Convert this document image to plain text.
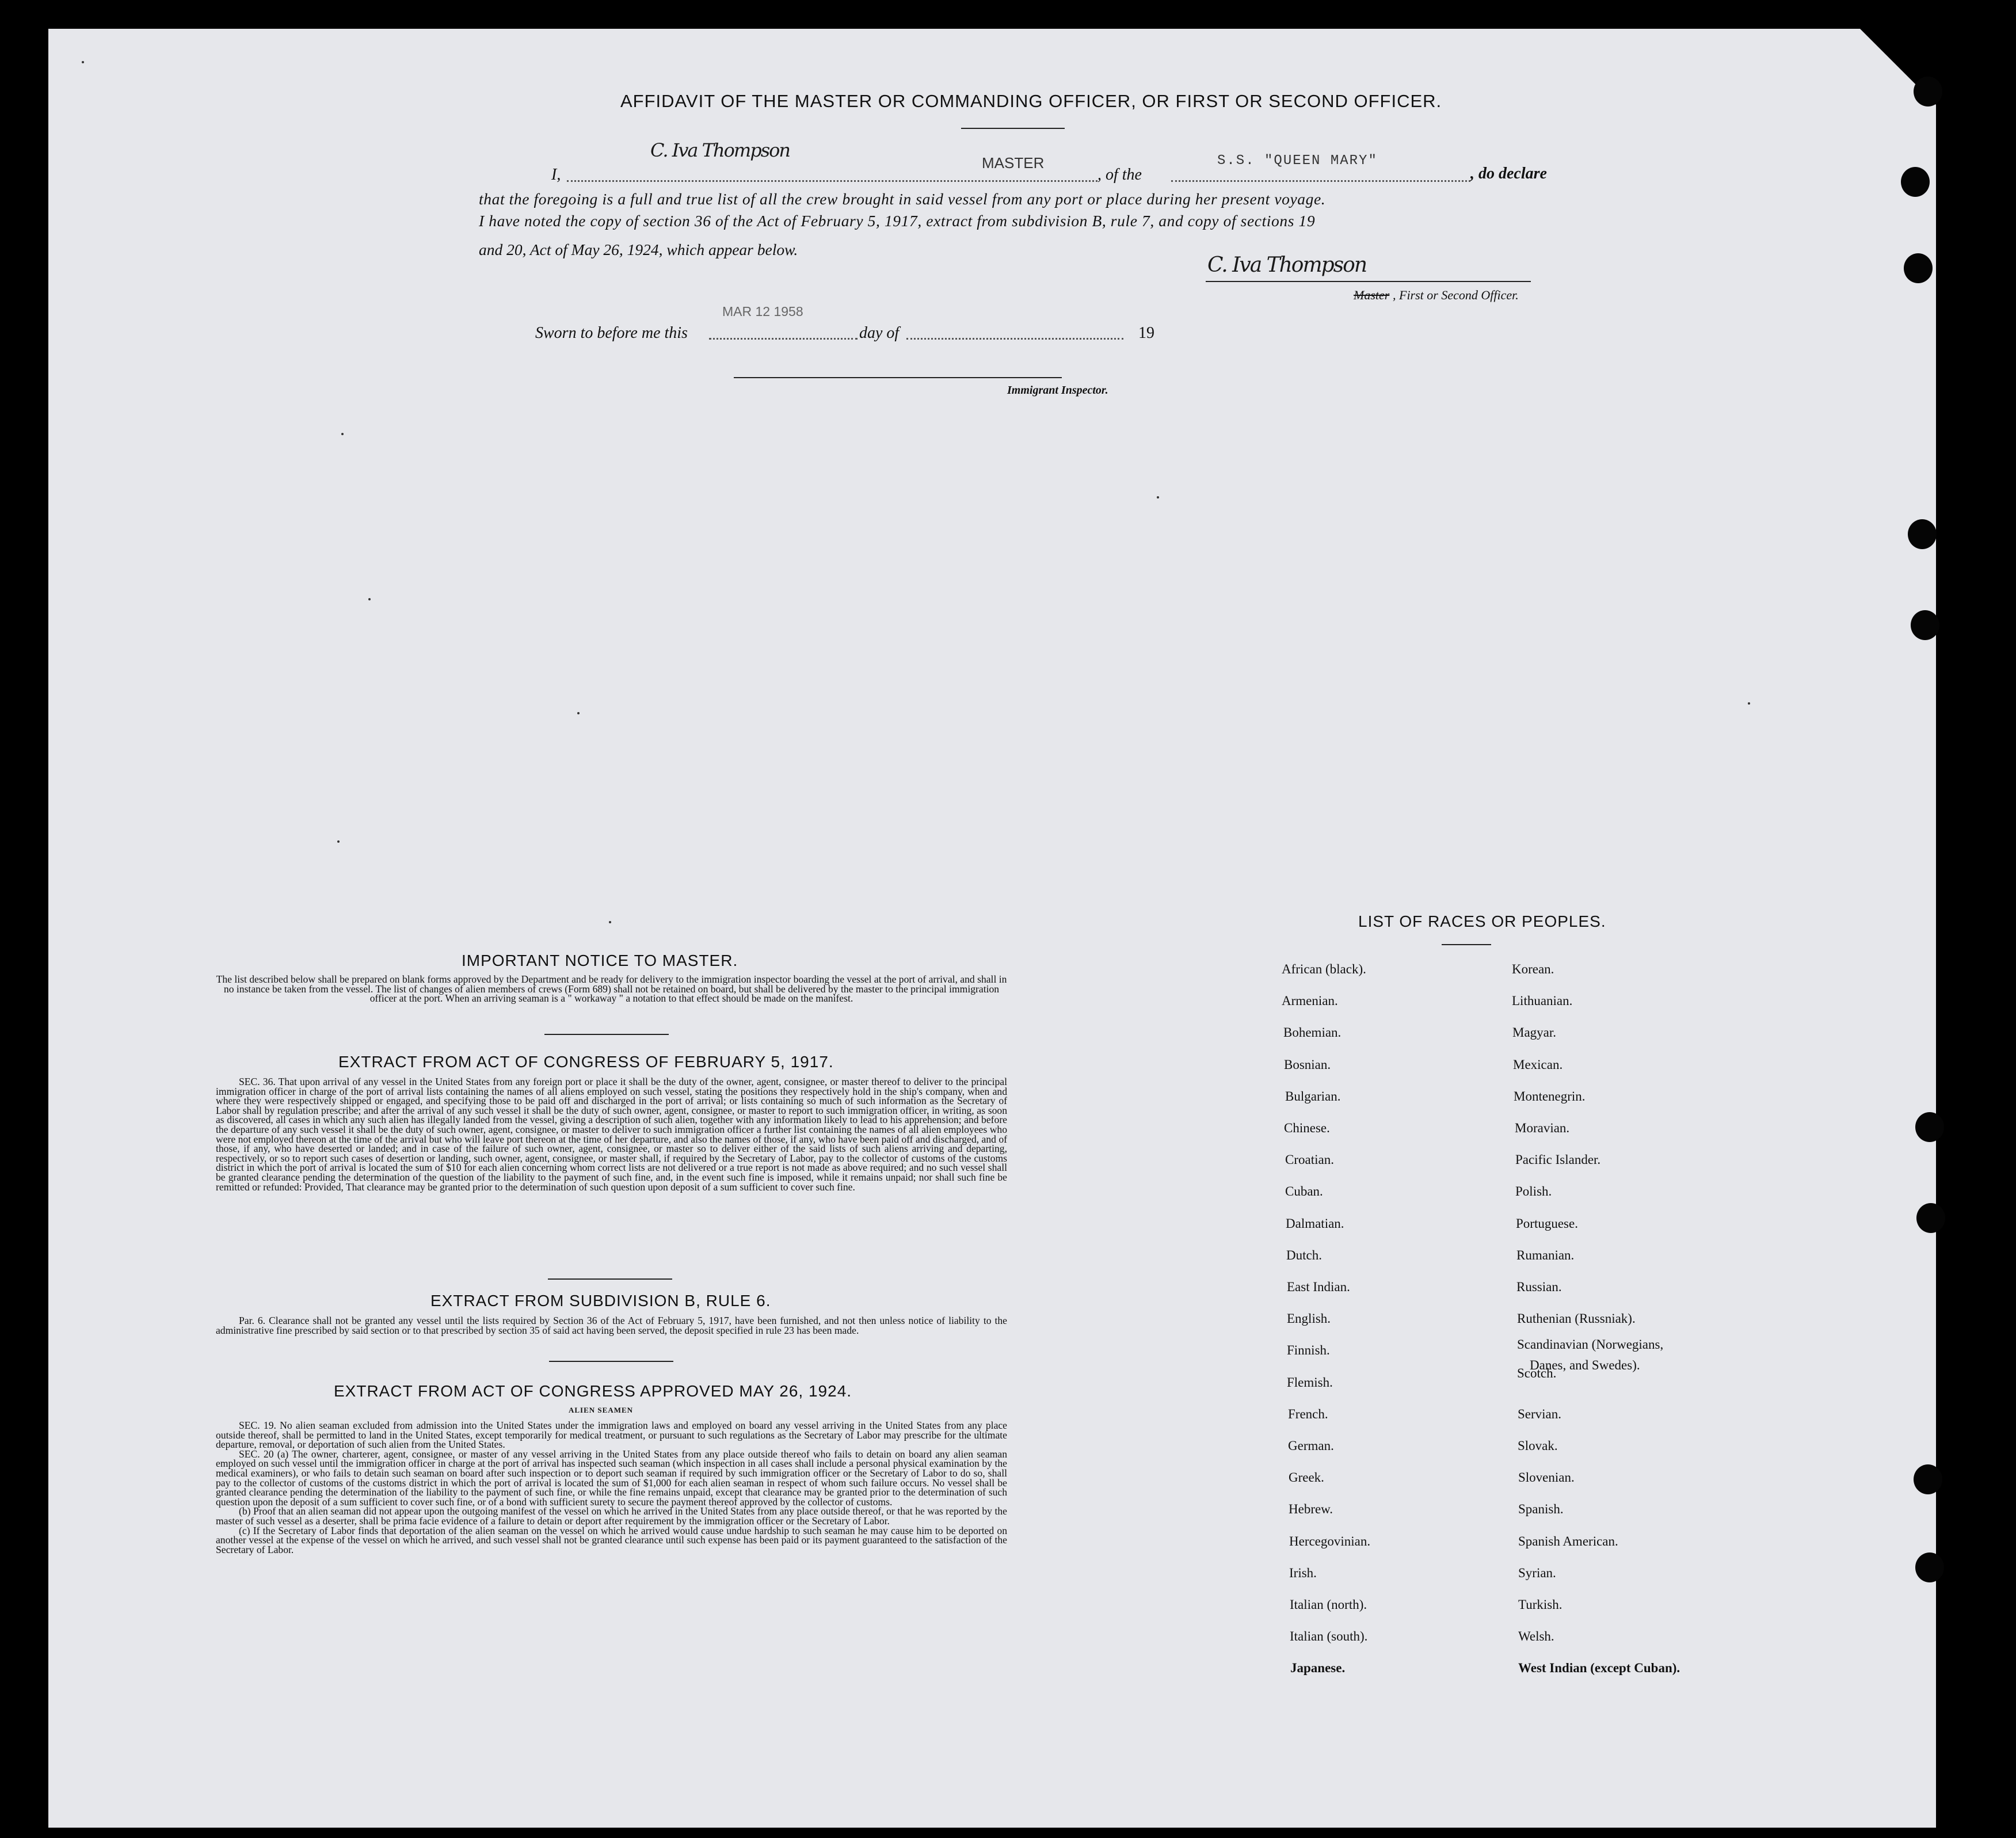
AFFIDAVIT OF THE MASTER OR COMMANDING OFFICER, OR FIRST OR SECOND OFFICER.
I,
C. Iva Thompson
MASTER
, of the
S.S. "QUEEN MARY"
, do declare
that the foregoing is a full and true list of all the crew brought in said vessel from any port or place during her present voyage.
I have noted the copy of section 36 of the Act of February 5, 1917, extract from subdivision B, rule 7, and copy of sections 19
and 20, Act of May 26, 1924, which appear below.
C. Iva Thompson
Master , First or Second Officer.
MAR 12 1958
Sworn to before me this	day of	19
Immigrant Inspector.
IMPORTANT NOTICE TO MASTER.

The list described below shall be prepared on blank forms approved by the Department and be ready for delivery to the immigration inspector boarding the vessel at the port of arrival, and shall in no instance be taken from the vessel. The list of changes of alien members of crews (Form 689) shall not be retained on board, but shall be delivered by the master to the principal immigration officer at the port. When an arriving seaman is a " workaway " a notation to that effect should be made on the manifest.

EXTRACT FROM ACT OF CONGRESS OF FEBRUARY 5, 1917.

SEC. 36. That upon arrival of any vessel in the United States from any foreign port or place it shall be the duty of the owner, agent, consignee, or master thereof to deliver to the principal immigration officer in charge of the port of arrival lists containing the names of all aliens employed on such vessel, stating the positions they respectively hold in the ship's company, when and where they were respectively shipped or engaged, and specifying those to be paid off and discharged in the port of arrival; or lists containing so much of such information as the Secretary of Labor shall by regulation prescribe; and after the arrival of any such vessel it shall be the duty of such owner, agent, consignee, or master to report to such immigration officer, in writing, as soon as discovered, all cases in which any such alien has illegally landed from the vessel, giving a description of such alien, together with any information likely to lead to his apprehension; and before the departure of any such vessel it shall be the duty of such owner, agent, consignee, or master to deliver to such immigration officer a further list containing the names of all alien employees who were not employed thereon at the time of the arrival but who will leave port thereon at the time of her departure, and also the names of those, if any, who have been paid off and discharged, and of those, if any, who have deserted or landed; and in case of the failure of such owner, agent, consignee, or master so to deliver either of the said lists of such aliens arriving and departing, respectively, or so to report such cases of desertion or landing, such owner, agent, consignee, or master shall, if required by the Secretary of Labor, pay to the collector of customs of the customs district in which the port of arrival is located the sum of $10 for each alien concerning whom correct lists are not delivered or a true report is not made as above required; and no such vessel shall be granted clearance pending the determination of the question of the liability to the payment of such fine, and, in the event such fine is imposed, while it remains unpaid; nor shall such fine be remitted or refunded: Provided, That clearance may be granted prior to the determination of such question upon deposit of a sum sufficient to cover such fine.

EXTRACT FROM SUBDIVISION B, RULE 6.

Par. 6. Clearance shall not be granted any vessel until the lists required by Section 36 of the Act of February 5, 1917, have been furnished, and not then unless notice of liability to the administrative fine prescribed by said section or to that prescribed by section 35 of said act having been served, the deposit specified in rule 23 has been made.

EXTRACT FROM ACT OF CONGRESS APPROVED MAY 26, 1924.
ALIEN SEAMEN

SEC. 19. No alien seaman excluded from admission into the United States under the immigration laws and employed on board any vessel arriving in the United States from any place outside thereof, shall be permitted to land in the United States, except temporarily for medical treatment, or pursuant to such regulations as the Secretary of Labor may prescribe for the ultimate departure, removal, or deportation of such alien from the United States.

SEC. 20 (a) The owner, charterer, agent, consignee, or master of any vessel arriving in the United States from any place outside thereof who fails to detain on board any alien seaman employed on such vessel until the immigration officer in charge at the port of arrival has inspected such seaman (which inspection in all cases shall include a personal physical examination by the medical examiners), or who fails to detain such seaman on board after such inspection or to deport such seaman if required by such immigration officer or the Secretary of Labor to do so, shall pay to the collector of customs of the customs district in which the port of arrival is located the sum of $1,000 for each alien seaman in respect of whom such failure occurs. No vessel shall be granted clearance pending the determination of the liability to the payment of such fine, or while the fine remains unpaid, except that clearance may be granted prior to the determination of such question upon the deposit of a sum sufficient to cover such fine, or of a bond with sufficient surety to secure the payment thereof approved by the collector of customs.

(b) Proof that an alien seaman did not appear upon the outgoing manifest of the vessel on which he arrived in the United States from any place outside thereof, or that he was reported by the master of such vessel as a deserter, shall be prima facie evidence of a failure to detain or deport after requirement by the immigration officer or the Secretary of Labor.

(c) If the Secretary of Labor finds that deportation of the alien seaman on the vessel on which he arrived would cause undue hardship to such seaman he may cause him to be deported on another vessel at the expense of the vessel on which he arrived, and such vessel shall not be granted clearance until such expense has been paid or its payment guaranteed to the satisfaction of the Secretary of Labor.

LIST OF RACES OR PEOPLES.
African (black).
Armenian.
Bohemian.
Bosnian.
Bulgarian.
Chinese.
Croatian.
Cuban.
Dalmatian.
Dutch.
East Indian.
English.
Finnish.
Flemish.
French.
German.
Greek.
Hebrew.
Hercegovinian.
Irish.
Italian (north).
Italian (south).
Japanese.
Korean.
Lithuanian.
Magyar.
Mexican.
Montenegrin.
Moravian.
Pacific Islander.
Polish.
Portuguese.
Rumanian.
Russian.
Ruthenian (Russniak).
Scandinavian (Norwegians,
Scotch.
Servian.
Slovak.
Slovenian.
Spanish.
Spanish American.
Syrian.
Turkish.
Welsh.
West Indian (except Cuban).
Danes, and Swedes).
